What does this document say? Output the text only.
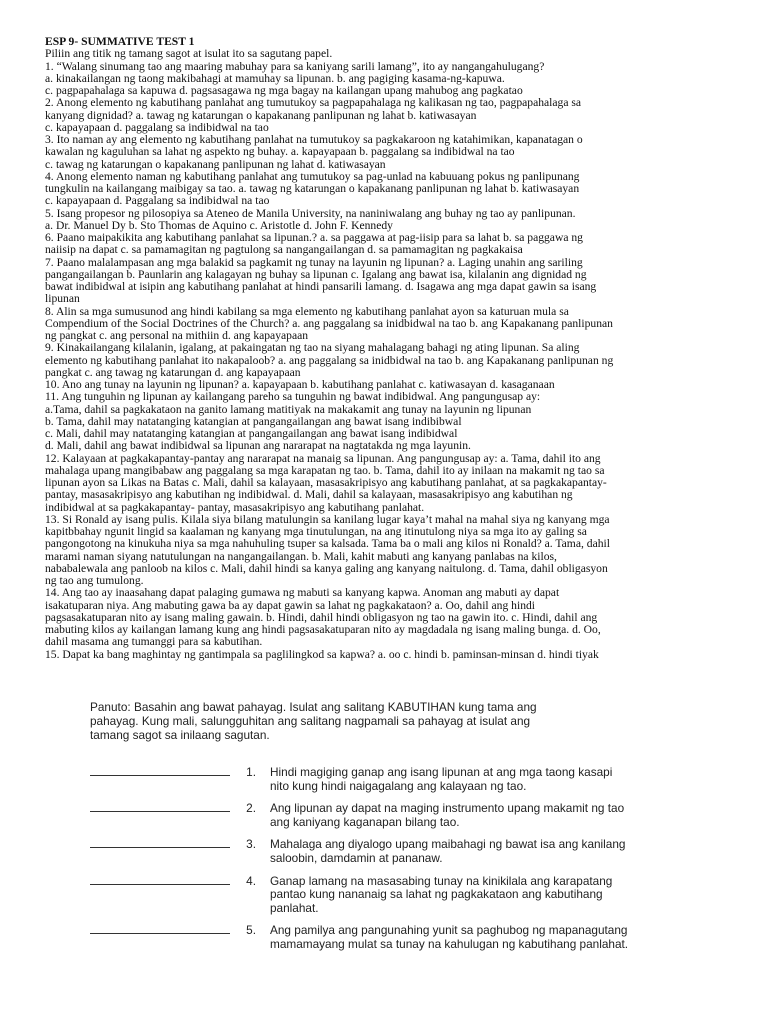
ESP 9- SUMMATIVE TEST 1
Piliin ang titik ng tamang sagot at isulat ito sa sagutang papel.
1. “Walang sinumang tao ang maaring mabuhay para sa kaniyang sarili lamang”, ito ay nangangahulugang?
a. kinakailangan ng taong makibahagi at mamuhay sa lipunan. b. ang pagiging kasama-ng-kapuwa.
c. pagpapahalaga sa kapuwa d. pagsasagawa ng mga bagay na kailangan upang mahubog ang pagkatao
2. Anong elemento ng kabutihang panlahat ang tumutukoy sa pagpapahalaga ng kalikasan ng tao, pagpapahalaga sa
kanyang dignidad? a. tawag ng katarungan o kapakanang panlipunan ng lahat b. katiwasayan
c. kapayapaan d. paggalang sa indibidwal na tao
3. Ito naman ay ang elemento ng kabutihang panlahat na tumutukoy sa pagkakaroon ng katahimikan, kapanatagan o
kawalan ng kaguluhan sa lahat ng aspekto ng buhay. a. kapayapaan b. paggalang sa indibidwal na tao
c. tawag ng katarungan o kapakanang panlipunan ng lahat d. katiwasayan
4. Anong elemento naman ng kabutihang panlahat ang tumutukoy sa pag-unlad na kabuuang pokus ng panlipunang
tungkulin na kailangang maibigay sa tao. a. tawag ng katarungan o kapakanang panlipunan ng lahat b. katiwasayan
c. kapayapaan d. Paggalang sa indibidwal na tao
5. Isang propesor ng pilosopiya sa Ateneo de Manila University, na naniniwalang ang buhay ng tao ay panlipunan.
a. Dr. Manuel Dy b. Sto Thomas de Aquino c. Aristotle d. John F. Kennedy
6. Paano maipakikita ang kabutihang panlahat sa lipunan.? a. sa paggawa at pag-iisip para sa lahat b. sa paggawa ng
naiisip na dapat c. sa pamamagitan ng pagtulong sa nangangailangan d. sa pamamagitan ng pagkakaisa
7. Paano malalampasan ang mga balakid sa pagkamit ng tunay na layunin ng lipunan? a. Laging unahin ang sariling
pangangailangan b. Paunlarin ang kalagayan ng buhay sa lipunan c. Igalang ang bawat isa, kilalanin ang dignidad ng
bawat indibidwal at isipin ang kabutihang panlahat at hindi pansarili lamang. d. Isagawa ang mga dapat gawin sa isang
lipunan
8. Alin sa mga sumusunod ang hindi kabilang sa mga elemento ng kabutihang panlahat ayon sa katuruan mula sa
Compendium of the Social Doctrines of the Church? a. ang paggalang sa inidbidwal na tao b. ang Kapakanang panlipunan
ng pangkat c. ang personal na mithiin d. ang kapayapaan
9. Kinakailangang kilalanin, igalang, at pakaingatan ng tao na siyang mahalagang bahagi ng ating lipunan. Sa aling
elemento ng kabutihang panlahat ito nakapaloob? a. ang paggalang sa inidbidwal na tao b. ang Kapakanang panlipunan ng
pangkat c. ang tawag ng katarungan d. ang kapayapaan
10. Ano ang tunay na layunin ng lipunan? a. kapayapaan b. kabutihang panlahat c. katiwasayan d. kasaganaan
11. Ang tunguhin ng lipunan ay kailangang pareho sa tunguhin ng bawat indibidwal. Ang pangungusap ay:
a.Tama, dahil sa pagkakataon na ganito lamang matitiyak na makakamit ang tunay na layunin ng lipunan
b. Tama, dahil may natatanging katangian at pangangailangan ang bawat isang indibibwal
c. Mali, dahil may natatanging katangian at pangangailangan ang bawat isang indibidwal
d. Mali, dahil ang bawat indibidwal sa lipunan ang nararapat na nagtatakda ng mga layunin.
12. Kalayaan at pagkakapantay-pantay ang nararapat na manaig sa lipunan. Ang pangungusap ay: a. Tama, dahil ito ang
mahalaga upang mangibabaw ang paggalang sa mga karapatan ng tao. b. Tama, dahil ito ay inilaan na makamit ng tao sa
lipunan ayon sa Likas na Batas c. Mali, dahil sa kalayaan, masasakripisyo ang kabutihang panlahat, at sa pagkakapantay-
pantay, masasakripisyo ang kabutihan ng indibidwal. d. Mali, dahil sa kalayaan, masasakripisyo ang kabutihan ng
indibidwal at sa pagkakapantay- pantay, masasakripisyo ang kabutihang panlahat.
13. Si Ronald ay isang pulis. Kilala siya bilang matulungin sa kanilang lugar kaya’t mahal na mahal siya ng kanyang mga
kapitbbahay ngunit lingid sa kaalaman ng kanyang mga tinutulungan, na ang itinutulong niya sa mga ito ay galing sa
pangongotong na kinukuha niya sa mga nahuhuling tsuper sa kalsada. Tama ba o mali ang kilos ni Ronald? a. Tama, dahil
marami naman siyang natutulungan na nangangailangan. b. Mali, kahit mabuti ang kanyang panlabas na kilos,
nababalewala ang panloob na kilos c. Mali, dahil hindi sa kanya galing ang kanyang naitulong. d. Tama, dahil obligasyon
ng tao ang tumulong.
14. Ang tao ay inaasahang dapat palaging gumawa ng mabuti sa kanyang kapwa. Anoman ang mabuti ay dapat
isakatuparan niya. Ang mabuting gawa ba ay dapat gawin sa lahat ng pagkakataon? a. Oo, dahil ang hindi
pagsasakatuparan nito ay isang maling gawain. b. Hindi, dahil hindi obligasyon ng tao na gawin ito. c. Hindi, dahil ang
mabuting kilos ay kailangan lamang kung ang hindi pagsasakatuparan nito ay magdadala ng isang maling bunga. d. Oo,
dahil masama ang tumanggi para sa kabutihan.
15. Dapat ka bang maghintay ng gantimpala sa paglilingkod sa kapwa? a. oo c. hindi b. paminsan-minsan d. hindi tiyak
Panuto: Basahin ang bawat pahayag. Isulat ang salitang KABUTIHAN kung tama ang
pahayag. Kung mali, salungguhitan ang salitang nagpamali sa pahayag at isulat ang
tamang sagot sa inilaang sagutan.
1. Hindi magiging ganap ang isang lipunan at ang mga taong kasapi
nito kung hindi naigagalang ang kalayaan ng tao.
2. Ang lipunan ay dapat na maging instrumento upang makamit ng tao
ang kaniyang kaganapan bilang tao.
3. Mahalaga ang diyalogo upang maibahagi ng bawat isa ang kanilang
saloobin, damdamin at pananaw.
4. Ganap lamang na masasabing tunay na kinikilala ang karapatang
pantao kung nananaig sa lahat ng pagkakataon ang kabutihang
panlahat.
5. Ang pamilya ang pangunahing yunit sa paghubog ng mapanagutang
mamamayang mulat sa tunay na kahulugan ng kabutihang panlahat.
